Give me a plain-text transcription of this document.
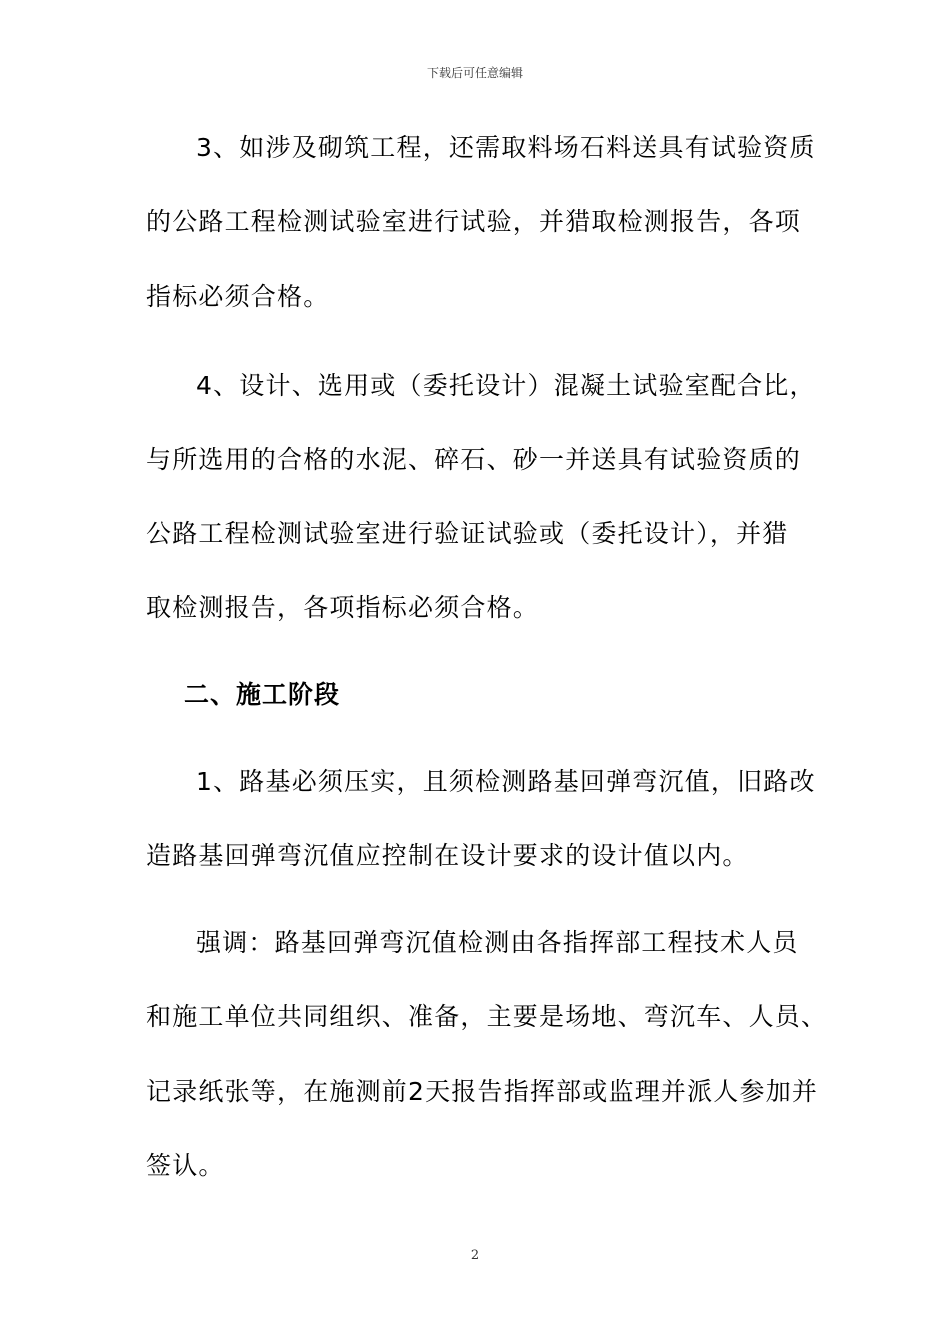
下载后可任意编辑
3、如涉及砌筑工程，还需取料场石料送具有试验资质
的公路工程检测试验室进行试验，并猎取检测报告，各项
指标必须合格。
4、设计、选用或（委托设计）混凝土试验室配合比，
与所选用的合格的水泥、碎石、砂一并送具有试验资质的
公路工程检测试验室进行验证试验或（委托设计），并猎
取检测报告，各项指标必须合格。
二、施工阶段
1、路基必须压实，且须检测路基回弹弯沉值，旧路改
造路基回弹弯沉值应控制在设计要求的设计值以内。
强调：路基回弹弯沉值检测由各指挥部工程技术人员
和施工单位共同组织、准备，主要是场地、弯沉车、人员、
记录纸张等，在施测前2天报告指挥部或监理并派人参加并
签认。
2
